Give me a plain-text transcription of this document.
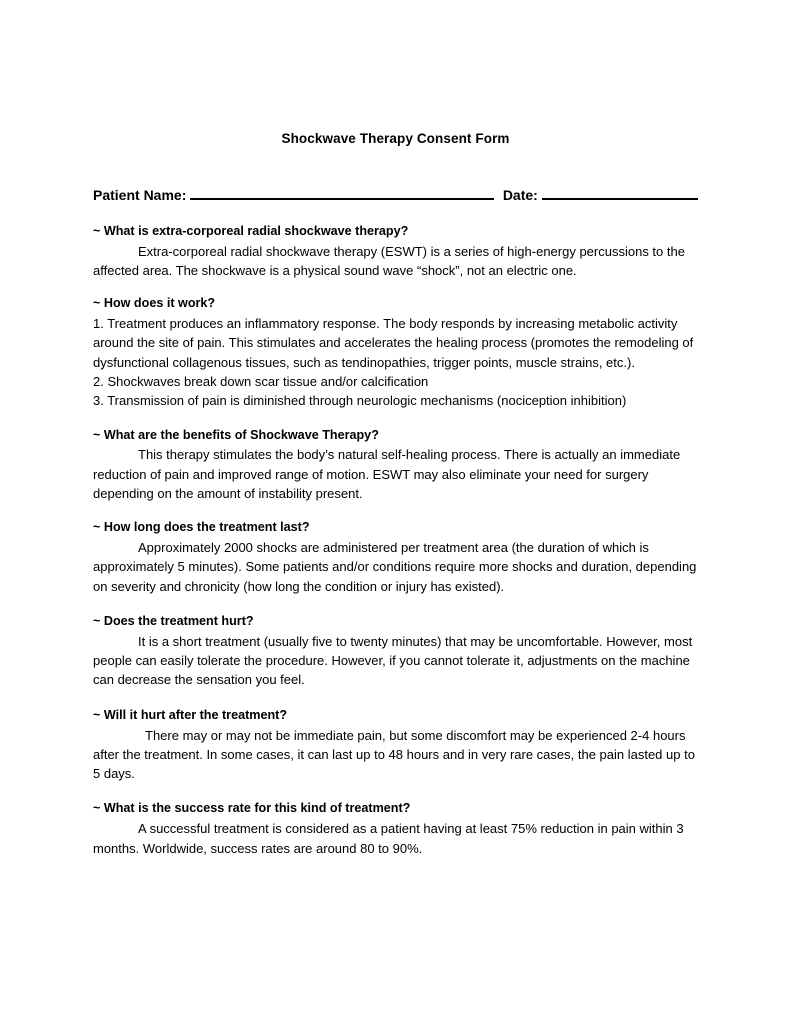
Shockwave Therapy Consent Form
Patient Name:	Date:

~ What is extra-corporeal radial shockwave therapy?

Extra-corporeal radial shockwave therapy (ESWT) is a series of high-energy percussions to the affected area. The shockwave is a physical sound wave “shock”, not an electric one.

~ How does it work?

1. Treatment produces an inflammatory response. The body responds by increasing metabolic activity around the site of pain. This stimulates and accelerates the healing process (promotes the remodeling of dysfunctional collagenous tissues, such as tendinopathies, trigger points, muscle strains, etc.).

2. Shockwaves break down scar tissue and/or calcification

3. Transmission of pain is diminished through neurologic mechanisms (nociception inhibition)

~ What are the benefits of Shockwave Therapy?

This therapy stimulates the body’s natural self-healing process. There is actually an immediate reduction of pain and improved range of motion. ESWT may also eliminate your need for surgery depending on the amount of instability present.

~ How long does the treatment last?

Approximately 2000 shocks are administered per treatment area (the duration of which is approximately 5 minutes). Some patients and/or conditions require more shocks and duration, depending on severity and chronicity (how long the condition or injury has existed).

~ Does the treatment hurt?

It is a short treatment (usually five to twenty minutes) that may be uncomfortable. However, most people can easily tolerate the procedure. However, if you cannot tolerate it, adjustments on the machine can decrease the sensation you feel.

~ Will it hurt after the treatment?

There may or may not be immediate pain, but some discomfort may be experienced 2-4 hours after the treatment. In some cases, it can last up to 48 hours and in very rare cases, the pain lasted up to 5 days.

~ What is the success rate for this kind of treatment?

A successful treatment is considered as a patient having at least 75% reduction in pain within 3 months. Worldwide, success rates are around 80 to 90%.
